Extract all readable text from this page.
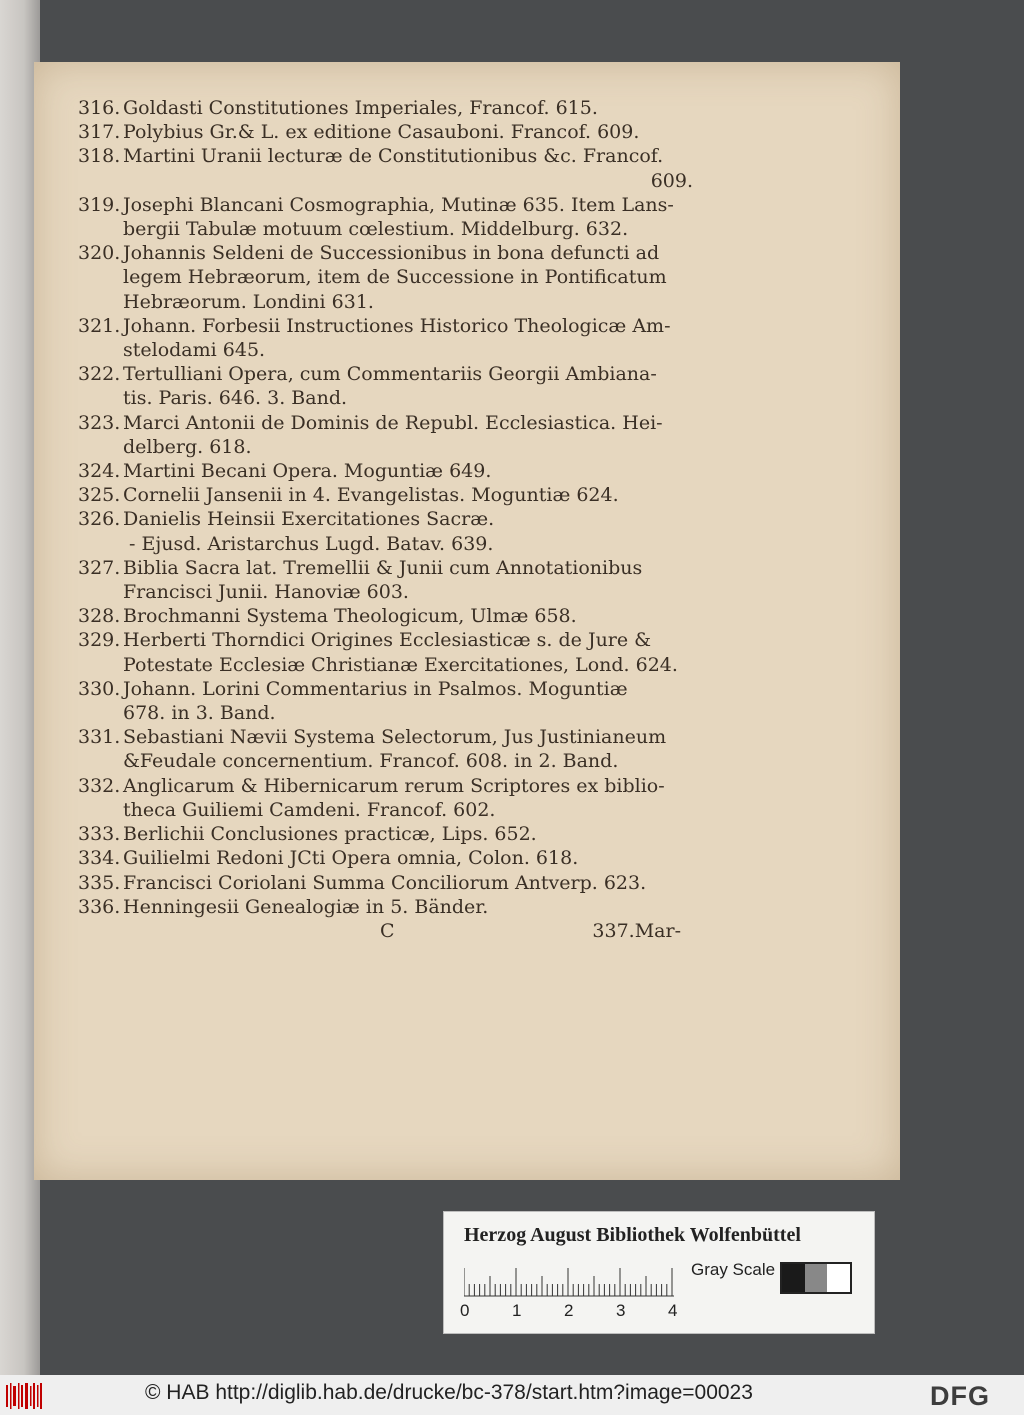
316. Goldasti Constitutiones Imperiales, Francof. 615.
317. Polybius Gr.& L. ex editione Casauboni. Francof. 609.
318. Martini Uranii lecturæ de Constitutionibus &c. Francof.
609.
319. Josephi Blancani Cosmographia, Mutinæ 635. Item Lans-
bergii Tabulæ motuum cœlestium. Middelburg. 632.
320. Johannis Seldeni de Successionibus in bona defuncti ad
legem Hebræorum, item de Successione in Pontificatum
Hebræorum. Londini 631.
321. Johann. Forbesii Instructiones Historico Theologicæ Am-
stelodami 645.
322. Tertulliani Opera, cum Commentariis Georgii Ambiana-
tis. Paris. 646. 3. Band.
323. Marci Antonii de Dominis de Republ. Ecclesiastica. Hei-
delberg. 618.
324. Martini Becani Opera. Moguntiæ 649.
325. Cornelii Jansenii in 4. Evangelistas. Moguntiæ 624.
326. Danielis Heinsii Exercitationes Sacræ.
- Ejusd. Aristarchus Lugd. Batav. 639.
327. Biblia Sacra lat. Tremellii & Junii cum Annotationibus
Francisci Junii. Hanoviæ 603.
328. Brochmanni Systema Theologicum, Ulmæ 658.
329. Herberti Thorndici Origines Ecclesiasticæ s. de Jure &
Potestate Ecclesiæ Christianæ Exercitationes, Lond. 624.
330. Johann. Lorini Commentarius in Psalmos. Moguntiæ
678. in 3. Band.
331. Sebastiani Nævii Systema Selectorum, Jus Justinianeum
&Feudale concernentium. Francof. 608. in 2. Band.
332. Anglicarum & Hibernicarum rerum Scriptores ex biblio-
theca Guiliemi Camdeni. Francof. 602.
333. Berlichii Conclusiones practicæ, Lips. 652.
334. Guilielmi Redoni JCti Opera omnia, Colon. 618.
335. Francisci Coriolani Summa Conciliorum Antverp. 623.
336. Henningesii Genealogiæ in 5. Bänder.
C	337.Mar-
Herzog August Bibliothek Wolfenbüttel
0	1	2	3	4
Gray Scale
© HAB http://diglib.hab.de/drucke/bc-378/start.htm?image=00023	DFG
